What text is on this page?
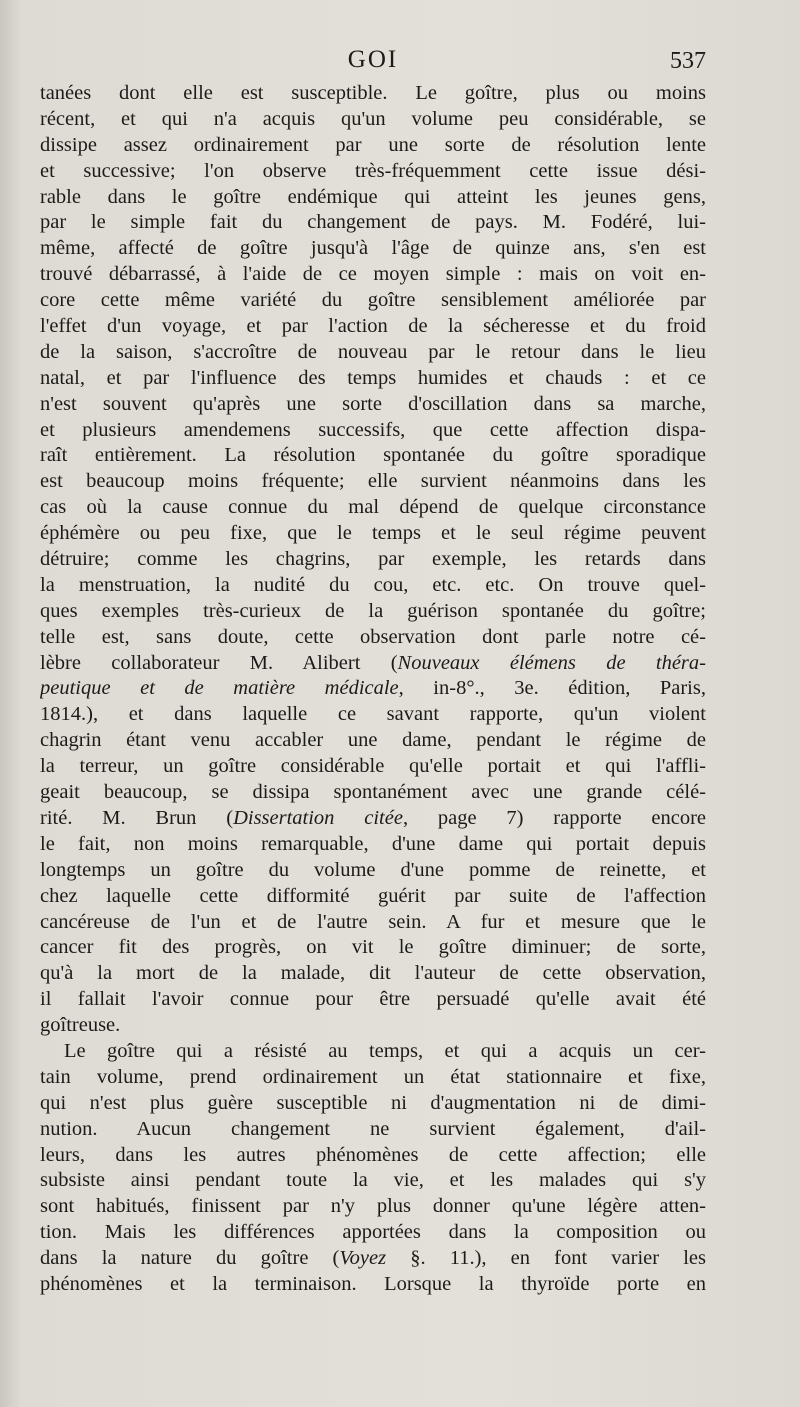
GOI	537
tanées dont elle est susceptible. Le goître, plus ou moins
récent, et qui n'a acquis qu'un volume peu considérable, se
dissipe assez ordinairement par une sorte de résolution lente
et successive; l'on observe très-fréquemment cette issue dési-
rable dans le goître endémique qui atteint les jeunes gens,
par le simple fait du changement de pays. M. Fodéré, lui-
même, affecté de goître jusqu'à l'âge de quinze ans, s'en est
trouvé débarrassé, à l'aide de ce moyen simple : mais on voit en-
core cette même variété du goître sensiblement améliorée par
l'effet d'un voyage, et par l'action de la sécheresse et du froid
de la saison, s'accroître de nouveau par le retour dans le lieu
natal, et par l'influence des temps humides et chauds : et ce
n'est souvent qu'après une sorte d'oscillation dans sa marche,
et plusieurs amendemens successifs, que cette affection dispa-
raît entièrement. La résolution spontanée du goître sporadique
est beaucoup moins fréquente; elle survient néanmoins dans les
cas où la cause connue du mal dépend de quelque circonstance
éphémère ou peu fixe, que le temps et le seul régime peuvent
détruire; comme les chagrins, par exemple, les retards dans
la menstruation, la nudité du cou, etc. etc. On trouve quel-
ques exemples très-curieux de la guérison spontanée du goître;
telle est, sans doute, cette observation dont parle notre cé-
lèbre collaborateur M. Alibert (Nouveaux élémens de théra-
peutique et de matière médicale, in-8°., 3e. édition, Paris,
1814.), et dans laquelle ce savant rapporte, qu'un violent
chagrin étant venu accabler une dame, pendant le régime de
la terreur, un goître considérable qu'elle portait et qui l'affli-
geait beaucoup, se dissipa spontanément avec une grande célé-
rité. M. Brun (Dissertation citée, page 7) rapporte encore
le fait, non moins remarquable, d'une dame qui portait depuis
longtemps un goître du volume d'une pomme de reinette, et
chez laquelle cette difformité guérit par suite de l'affection
cancéreuse de l'un et de l'autre sein. A fur et mesure que le
cancer fit des progrès, on vit le goître diminuer; de sorte,
qu'à la mort de la malade, dit l'auteur de cette observation,
il fallait l'avoir connue pour être persuadé qu'elle avait été
goîtreuse.
Le goître qui a résisté au temps, et qui a acquis un cer-
tain volume, prend ordinairement un état stationnaire et fixe,
qui n'est plus guère susceptible ni d'augmentation ni de dimi-
nution. Aucun changement ne survient également, d'ail-
leurs, dans les autres phénomènes de cette affection; elle
subsiste ainsi pendant toute la vie, et les malades qui s'y
sont habitués, finissent par n'y plus donner qu'une légère atten-
tion. Mais les différences apportées dans la composition ou
dans la nature du goître (Voyez §. 11.), en font varier les
phénomènes et la terminaison. Lorsque la thyroïde porte en
